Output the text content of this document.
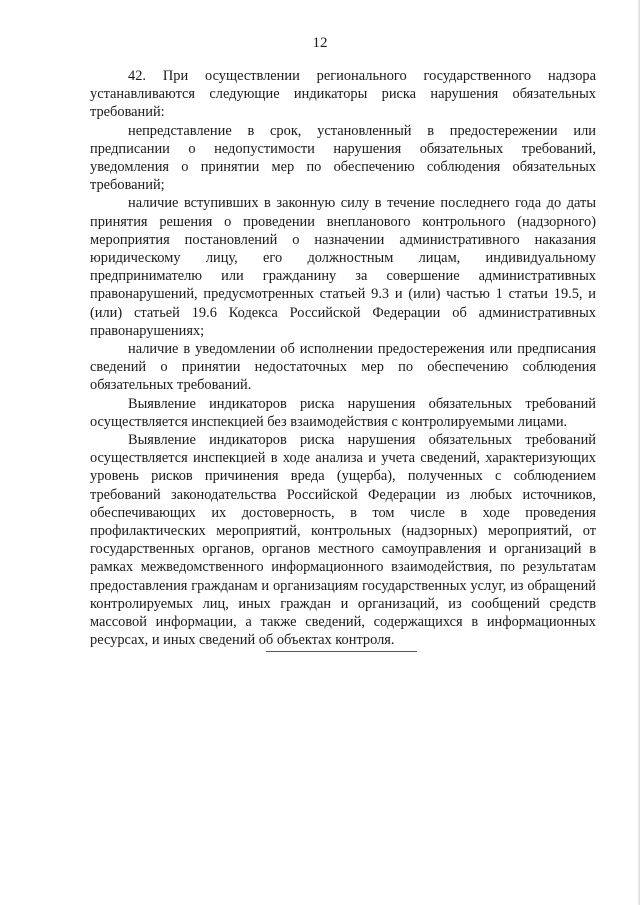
12

42. При осуществлении регионального государственного надзора устанавливаются следующие индикаторы риска нарушения обязательных требований:

непредставление в срок, установленный в предостережении или предписании о недопустимости нарушения обязательных требований, уведомления о принятии мер по обеспечению соблюдения обязательных требований;

наличие вступивших в законную силу в течение последнего года до даты принятия решения о проведении внепланового контрольного (надзорного) мероприятия постановлений о назначении административного наказания юридическому лицу, его должностным лицам, индивидуальному предпринимателю или гражданину за совершение административных правонарушений, предусмотренных статьей 9.3 и (или) частью 1 статьи 19.5, и (или) статьей 19.6 Кодекса Российской Федерации об административных правонарушениях;

наличие в уведомлении об исполнении предостережения или предписания сведений о принятии недостаточных мер по обеспечению соблюдения обязательных требований.

Выявление индикаторов риска нарушения обязательных требований осуществляется инспекцией без взаимодействия с контролируемыми лицами.

Выявление индикаторов риска нарушения обязательных требований осуществляется инспекцией в ходе анализа и учета сведений, характеризующих уровень рисков причинения вреда (ущерба), полученных с соблюдением требований законодательства Российской Федерации из любых источников, обеспечивающих их достоверность, в том числе в ходе проведения профилактических мероприятий, контрольных (надзорных) мероприятий, от государственных органов, органов местного самоуправления и организаций в рамках межведомственного информационного взаимодействия, по результатам предоставления гражданам и организациям государственных услуг, из обращений контролируемых лиц, иных граждан и организаций, из сообщений средств массовой информации, а также сведений, содержащихся в информационных ресурсах, и иных сведений об объектах контроля.
